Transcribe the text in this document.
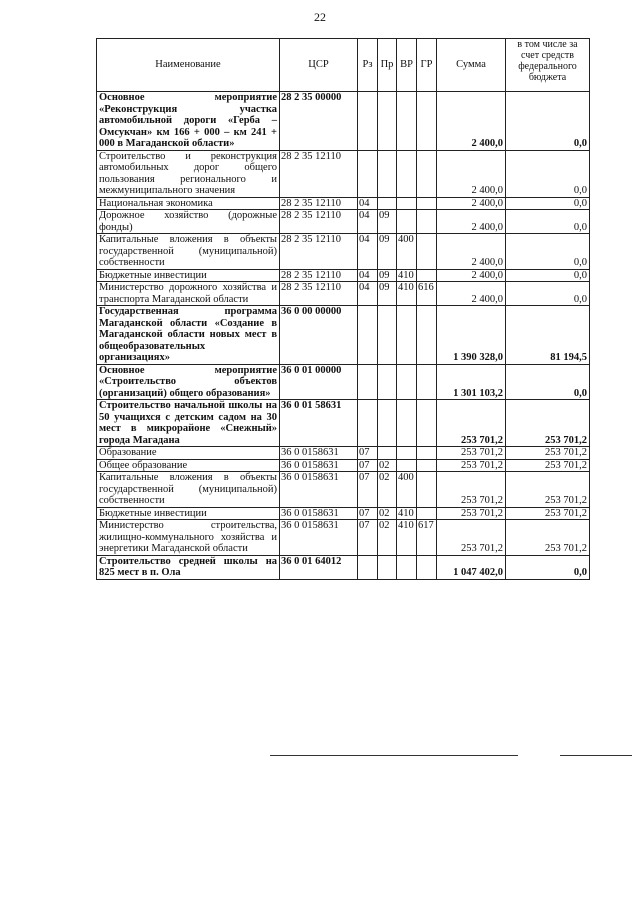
22
Наименование	ЦСР	Рз	Пр	ВР	ГР	Сумма	в том числе за счет средств федерального бюджета
Основное мероприятие «Реконструкция участка автомобильной дороги «Герба – Омсукчан» км 166 + 000 – км 241 + 000 в Магаданской области»	28 2 35 00000					2 400,0	0,0
Строительство и реконструкция автомобильных дорог общего пользования регионального и межмуниципального значения	28 2 35 12110					2 400,0	0,0
Национальная экономика	28 2 35 12110	04				2 400,0	0,0
Дорожное хозяйство (дорожные фонды)	28 2 35 12110	04	09			2 400,0	0,0
Капитальные вложения в объекты государственной (муниципальной) собственности	28 2 35 12110	04	09	400		2 400,0	0,0
Бюджетные инвестиции	28 2 35 12110	04	09	410		2 400,0	0,0
Министерство дорожного хозяйства и транспорта Магаданской области	28 2 35 12110	04	09	410	616	2 400,0	0,0
Государственная программа Магаданской области «Создание в Магаданской области новых мест в общеобразовательных организациях»	36 0 00 00000					1 390 328,0	81 194,5
Основное мероприятие «Строительство объектов (организаций) общего образования»	36 0 01 00000					1 301 103,2	0,0
Строительство начальной школы на 50 учащихся с детским садом на 30 мест в микрорайоне «Снежный» города Магадана	36 0 01 58631					253 701,2	253 701,2
Образование	36 0 0158631	07				253 701,2	253 701,2
Общее образование	36 0 0158631	07	02			253 701,2	253 701,2
Капитальные вложения в объекты государственной (муниципальной) собственности	36 0 0158631	07	02	400		253 701,2	253 701,2
Бюджетные инвестиции	36 0 0158631	07	02	410		253 701,2	253 701,2
Министерство строительства, жилищно-коммунального хозяйства и энергетики Магаданской области	36 0 0158631	07	02	410	617	253 701,2	253 701,2
Строительство средней школы на 825 мест в п. Ола	36 0 01 64012					1 047 402,0	0,0
